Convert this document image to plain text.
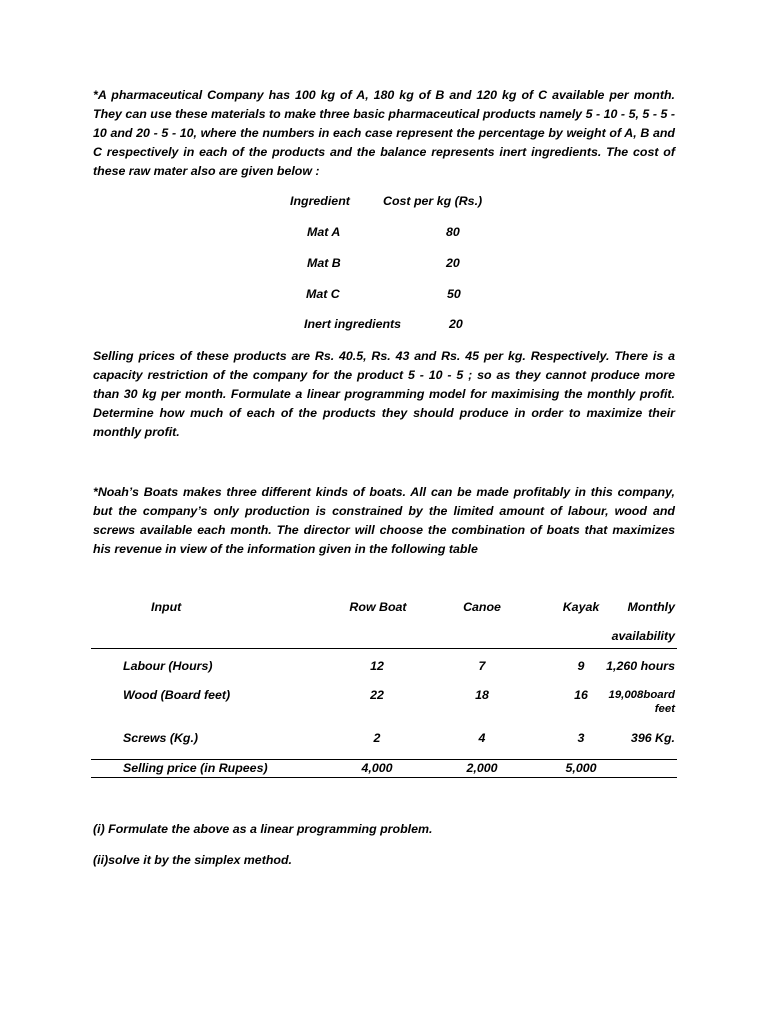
*A pharmaceutical Company has 100 kg of A, 180 kg of B and 120 kg of C available per month. They can use these materials to make three basic pharmaceutical products namely 5 - 10 - 5, 5 - 5 - 10 and 20 - 5 - 10, where the numbers in each case represent the percentage by weight of A, B and C respectively in each of the products and the balance represents inert ingredients. The cost of these raw mater also are given below :

Ingredient	Cost per kg (Rs.)
Mat A	80
Mat B	20
Mat C	50
Inert ingredients	20

Selling prices of these products are Rs. 40.5, Rs. 43 and Rs. 45 per kg. Respectively. There is a capacity restriction of the company for the product 5 - 10 - 5 ; so as they cannot produce more than 30 kg per month. Formulate a linear programming model for maximising the monthly profit. Determine how much of each of the products they should produce in order to maximize their monthly profit.

*Noah’s Boats makes three different kinds of boats. All can be made profitably in this company, but the company’s only production is constrained by the limited amount of labour, wood and screws available each month. The director will choose the combination of boats that maximizes his revenue in view of the information given in the following table

Input	Row Boat	Canoe	Kayak	Monthly
availability
Labour (Hours)	12	7	9	1,260 hours
Wood (Board feet)	22	18	16	19,008board
feet
Screws (Kg.)	2	4	3	396 Kg.
Selling price (in Rupees)	4,000	2,000	5,000
(i) Formulate the above as a linear programming problem.
(ii)solve it by the simplex method.
